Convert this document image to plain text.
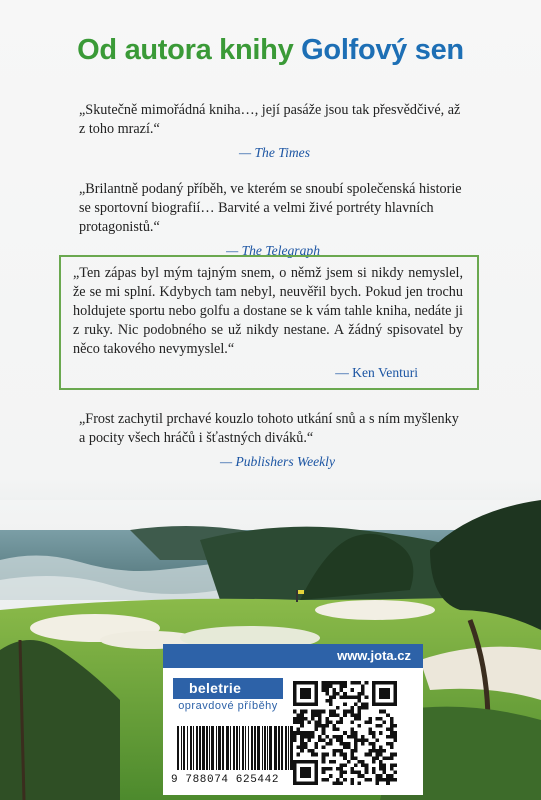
Od autora knihy Golfový sen

„Skutečně mimořádná kniha…, její pasáže jsou tak přesvědčivé, až z toho mrazí.“

— The Times

„Brilantně podaný příběh, ve kterém se snoubí společenská historie se sportovní biografií… Barvité a velmi živé portréty hlavních protagonistů.“

— The Telegraph

„Ten zápas byl mým tajným snem, o němž jsem si nikdy nemyslel, že se mi splní. Kdybych tam nebyl, neuvěřil bych. Pokud jen trochu holdujete sportu nebo golfu a dostane se k vám tahle kniha, nedáte ji z ruky. Nic podobného se už nikdy nestane. A žádný spisovatel by něco takového nevymyslel.“

— Ken Venturi

„Frost zachytil prchavé kouzlo tohoto utkání snů a s ním myšlenky a pocity všech hráčů i šťastných diváků.“

— Publishers Weekly
www.jota.cz
beletrie
opravdové příběhy
9 788074 625442
